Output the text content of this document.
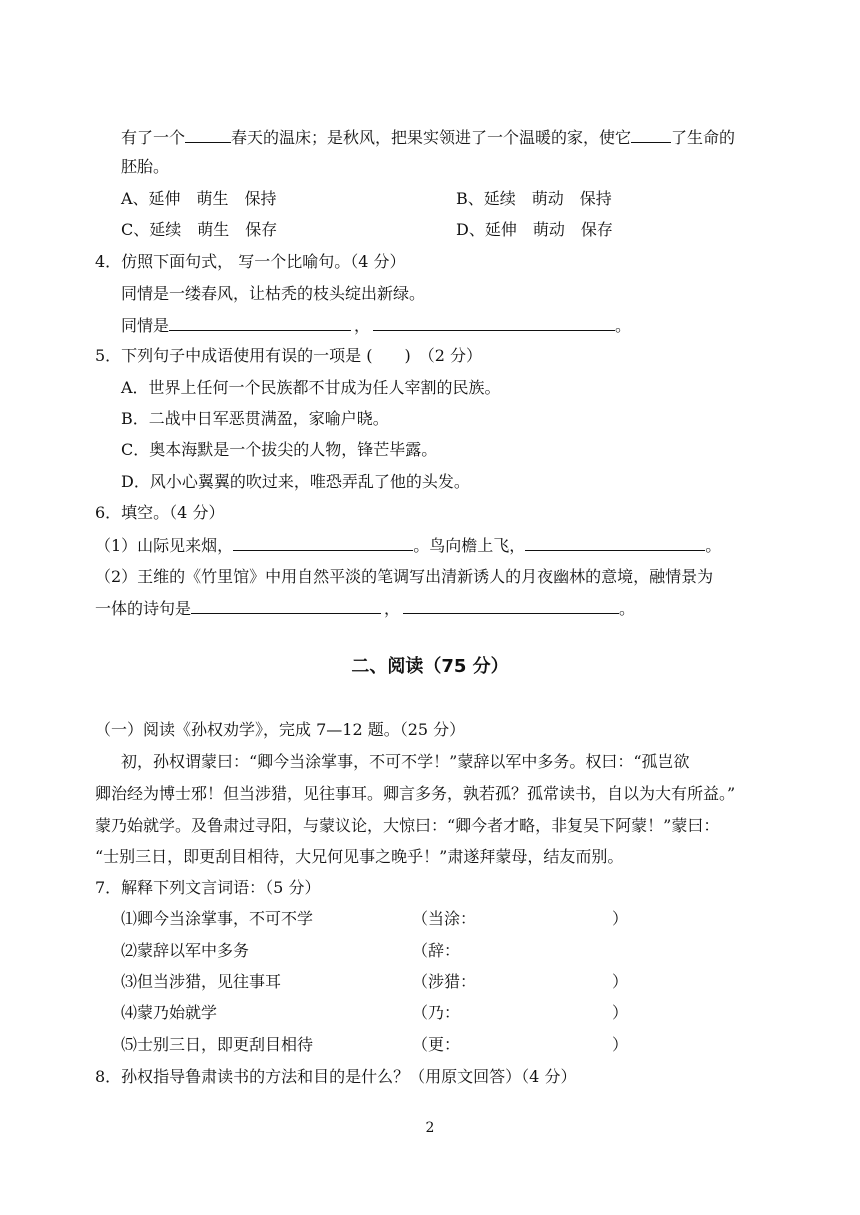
有了一个	春天的温床；是秋风，把果实领进了一个温暖的家，使它	了生命的
胚胎。
A、延伸　萌生　保持	B、延续　萌动　保持
C、延续　萌生　保存	D、延伸　萌动　保存
4．仿照下面句式， 写一个比喻句。（4 分）
同情是一缕春风，让枯秃的枝头绽出新绿。
同情是	，	。
5．下列句子中成语使用有误的一项是 (　　)　（2 分）
A．世界上任何一个民族都不甘成为任人宰割的民族。
B．二战中日军恶贯满盈，家喻户晓。
C．奥本海默是一个拔尖的人物，锋芒毕露。
D．风小心翼翼的吹过来，唯恐弄乱了他的头发。
6．填空。（4 分）
（1）山际见来烟，	。鸟向檐上飞，	。
（2）王维的《竹里馆》中用自然平淡的笔调写出清新诱人的月夜幽林的意境，融情景为
一体的诗句是	，	。
二、阅读（75 分）
（一）阅读《孙权劝学》，完成 7—12 题。（25 分）
初，孙权谓蒙曰：“卿今当涂掌事，不可不学！”蒙辞以军中多务。权曰：“孤岂欲
卿治经为博士邪！但当涉猎，见往事耳。卿言多务，孰若孤？孤常读书，自以为大有所益。”
蒙乃始就学。及鲁肃过寻阳，与蒙议论，大惊曰：“卿今者才略，非复吴下阿蒙！”蒙曰：
“士别三日，即更刮目相待，大兄何见事之晚乎！”肃遂拜蒙母，结友而别。
7．解释下列文言词语：（5 分）
⑴卿今当涂掌事，不可不学	（当涂：	）
⑵蒙辞以军中多务	（辞：
⑶但当涉猎，见往事耳	（涉猎：	）
⑷蒙乃始就学	（乃：	）
⑸士别三日，即更刮目相待	（更：	）
8．孙权指导鲁肃读书的方法和目的是什么？（用原文回答）（4 分）
2
